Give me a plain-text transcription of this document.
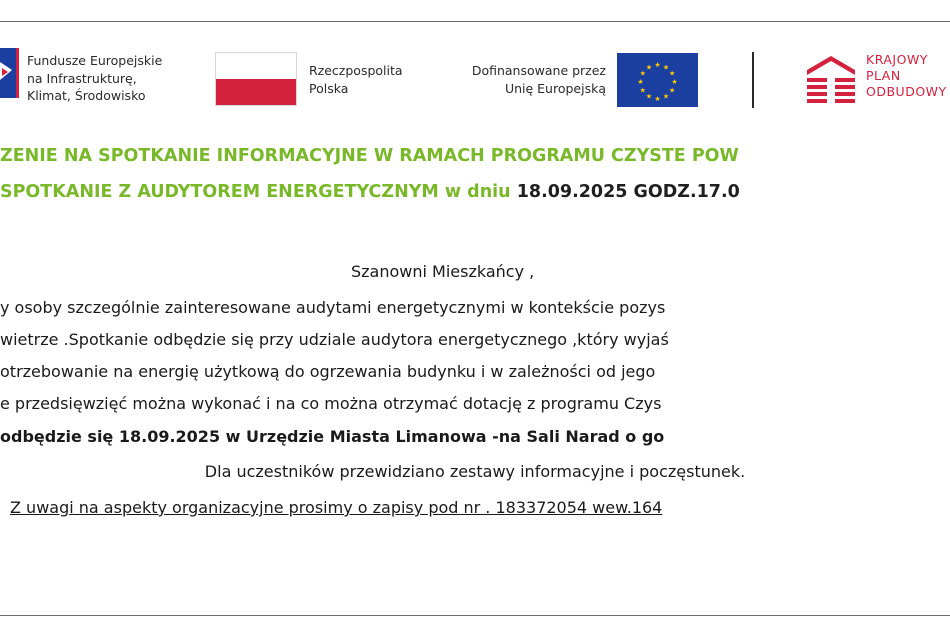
Fundusze Europejskie
na Infrastrukturę,
Klimat, Środowisko
Rzeczpospolita
Polska
Dofinansowane przez
Unię Europejską
★ ★
★
★
★
★
★
★
★
★
★
★
KRAJOWY
PLAN
ODBUDOWY
ZENIE NA SPOTKANIE INFORMACYJNE W RAMACH PROGRAMU CZYSTE POW
SPOTKANIE Z AUDYTOREM ENERGETYCZNYM w dniu 18.09.2025 GODZ.17.0
Szanowni Mieszkańcy ,
y osoby szczególnie zainteresowane audytami energetycznymi w kontekście pozys
wietrze .Spotkanie odbędzie się przy udziale audytora energetycznego ,który wyjaś
otrzebowanie na energię użytkową do ogrzewania budynku i w zależności od jego
e przedsięwzięć można wykonać i na co można otrzymać dotację z programu Czys
odbędzie się 18.09.2025 w Urzędzie Miasta Limanowa -na Sali Narad o go
Dla uczestników przewidziano zestawy informacyjne i poczęstunek.
Z uwagi na aspekty organizacyjne prosimy o zapisy pod nr . 183372054 wew.164
